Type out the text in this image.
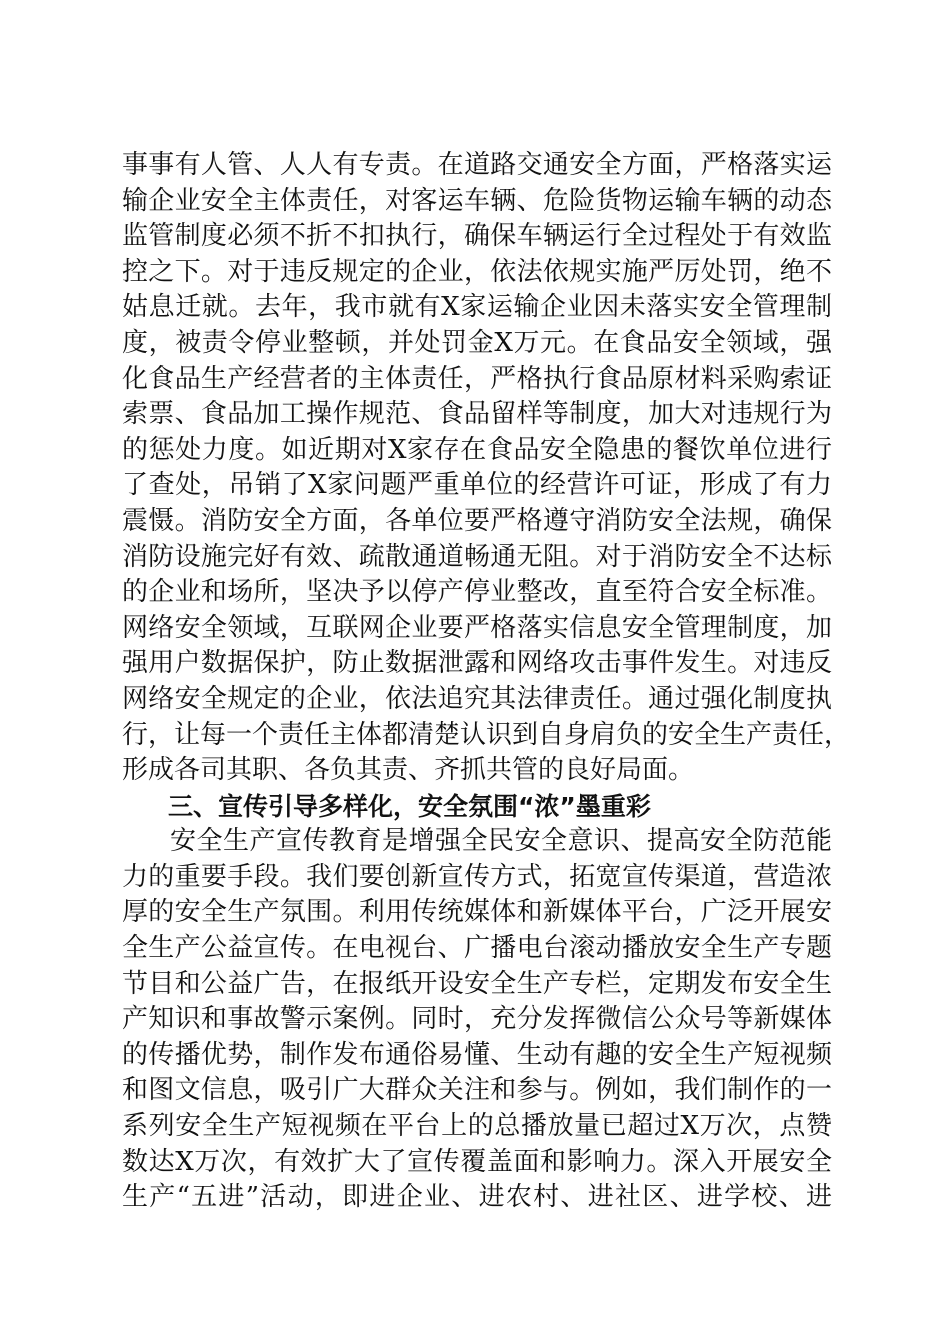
事事有人管、人人有专责。在道路交通安全方面，严格落实运
输企业安全主体责任，对客运车辆、危险货物运输车辆的动态
监管制度必须不折不扣执行，确保车辆运行全过程处于有效监
控之下。对于违反规定的企业，依法依规实施严厉处罚，绝不
姑息迁就。去年，我市就有X家运输企业因未落实安全管理制
度，被责令停业整顿，并处罚金X万元。在食品安全领域，强
化食品生产经营者的主体责任，严格执行食品原材料采购索证
索票、食品加工操作规范、食品留样等制度，加大对违规行为
的惩处力度。如近期对X家存在食品安全隐患的餐饮单位进行
了查处，吊销了X家问题严重单位的经营许可证，形成了有力
震慑。消防安全方面，各单位要严格遵守消防安全法规，确保
消防设施完好有效、疏散通道畅通无阻。对于消防安全不达标
的企业和场所，坚决予以停产停业整改，直至符合安全标准。
网络安全领域，互联网企业要严格落实信息安全管理制度，加
强用户数据保护，防止数据泄露和网络攻击事件发生。对违反
网络安全规定的企业，依法追究其法律责任。通过强化制度执
行，让每一个责任主体都清楚认识到自身肩负的安全生产责任，
形成各司其职、各负其责、齐抓共管的良好局面。
三、宣传引导多样化，安全氛围“浓”墨重彩
安全生产宣传教育是增强全民安全意识、提高安全防范能
力的重要手段。我们要创新宣传方式，拓宽宣传渠道，营造浓
厚的安全生产氛围。利用传统媒体和新媒体平台，广泛开展安
全生产公益宣传。在电视台、广播电台滚动播放安全生产专题
节目和公益广告，在报纸开设安全生产专栏，定期发布安全生
产知识和事故警示案例。同时，充分发挥微信公众号等新媒体
的传播优势，制作发布通俗易懂、生动有趣的安全生产短视频
和图文信息，吸引广大群众关注和参与。例如，我们制作的一
系列安全生产短视频在平台上的总播放量已超过X万次，点赞
数达X万次，有效扩大了宣传覆盖面和影响力。深入开展安全
生产“五进”活动，即进企业、进农村、进社区、进学校、进
